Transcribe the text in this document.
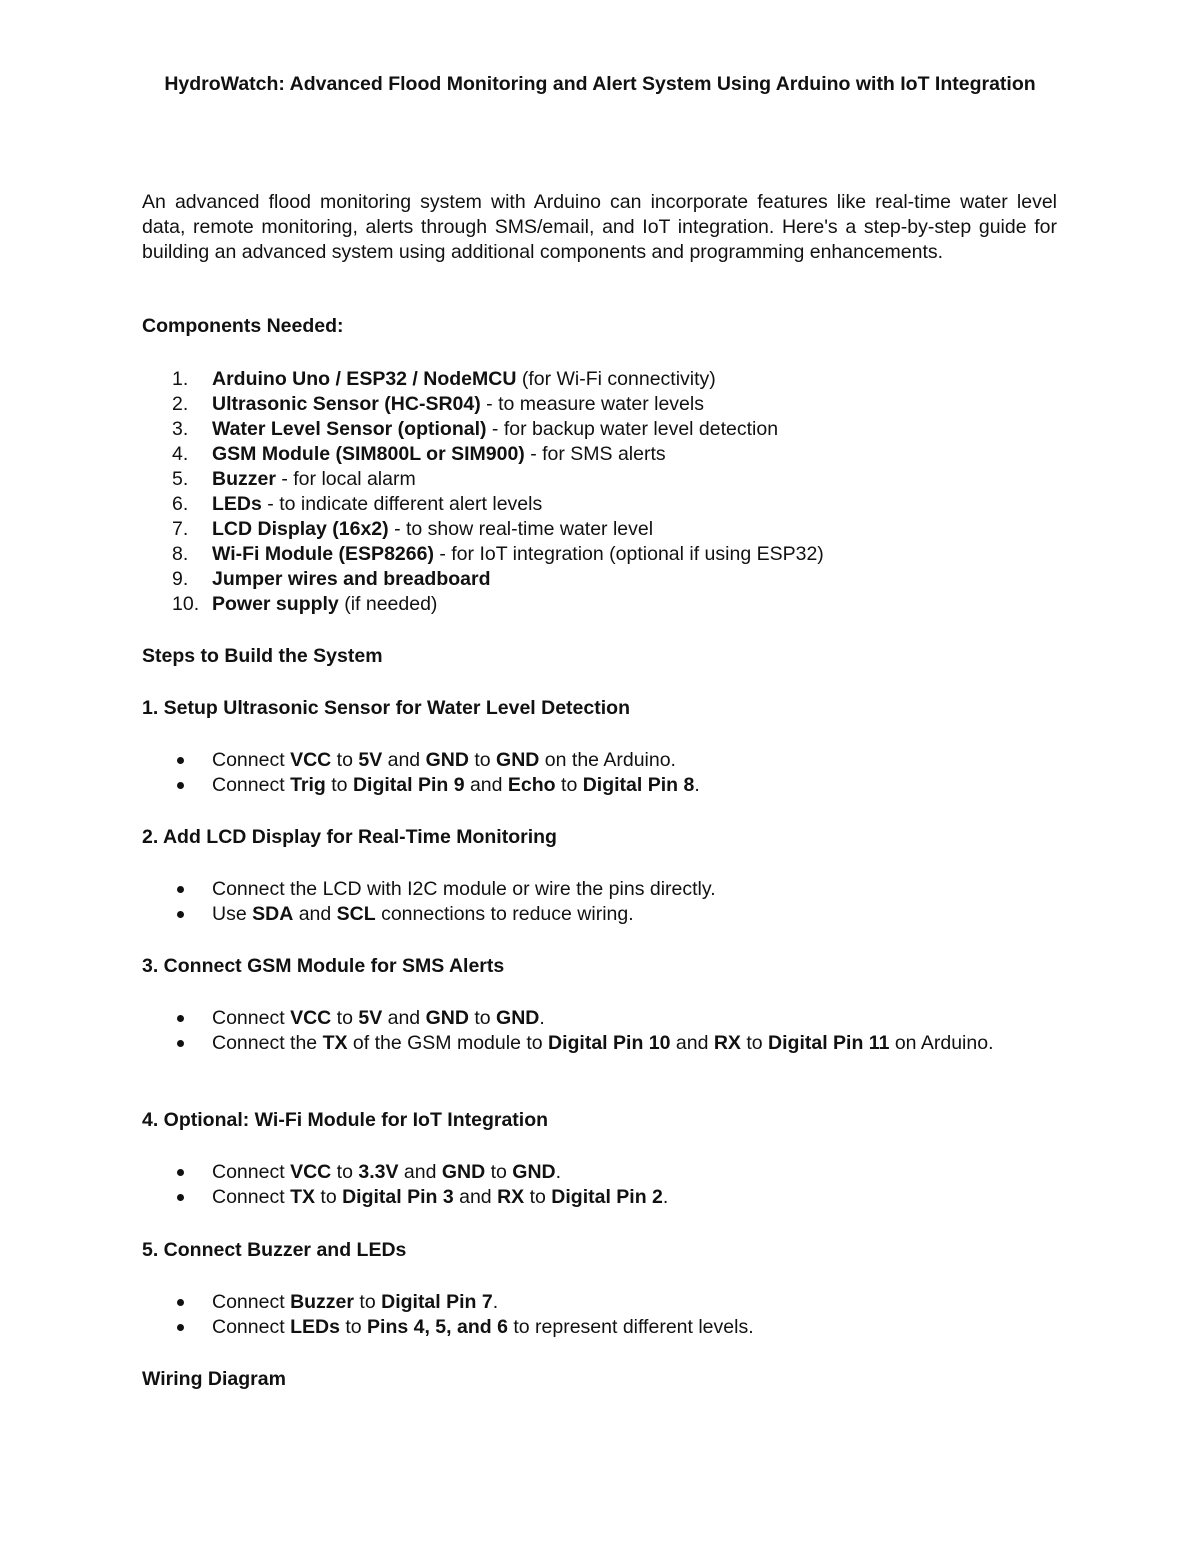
HydroWatch: Advanced Flood Monitoring and Alert System Using Arduino with IoT Integration

An advanced flood monitoring system with Arduino can incorporate features like real-time water level data, remote monitoring, alerts through SMS/email, and IoT integration. Here's a step-by-step guide for building an advanced system using additional components and programming enhancements.

Components Needed:

1.	Arduino Uno / ESP32 / NodeMCU (for Wi-Fi connectivity)
2.	Ultrasonic Sensor (HC-SR04) - to measure water levels
3.	Water Level Sensor (optional) - for backup water level detection
4.	GSM Module (SIM800L or SIM900) - for SMS alerts
5.	Buzzer - for local alarm
6.	LEDs - to indicate different alert levels
7.	LCD Display (16x2) - to show real-time water level
8.	Wi-Fi Module (ESP8266) - for IoT integration (optional if using ESP32)
9.	Jumper wires and breadboard
10. Power supply (if needed)

Steps to Build the System

1. Setup Ultrasonic Sensor for Water Level Detection

Connect VCC to 5V and GND to GND on the Arduino.
Connect Trig to Digital Pin 9 and Echo to Digital Pin 8.

2. Add LCD Display for Real-Time Monitoring

Connect the LCD with I2C module or wire the pins directly.
Use SDA and SCL connections to reduce wiring.

3. Connect GSM Module for SMS Alerts

Connect VCC to 5V and GND to GND.
Connect the TX of the GSM module to Digital Pin 10 and RX to Digital Pin 11 on Arduino.

4. Optional: Wi-Fi Module for IoT Integration

Connect VCC to 3.3V and GND to GND.
Connect TX to Digital Pin 3 and RX to Digital Pin 2.

5. Connect Buzzer and LEDs

Connect Buzzer to Digital Pin 7.
Connect LEDs to Pins 4, 5, and 6 to represent different levels.

Wiring Diagram
